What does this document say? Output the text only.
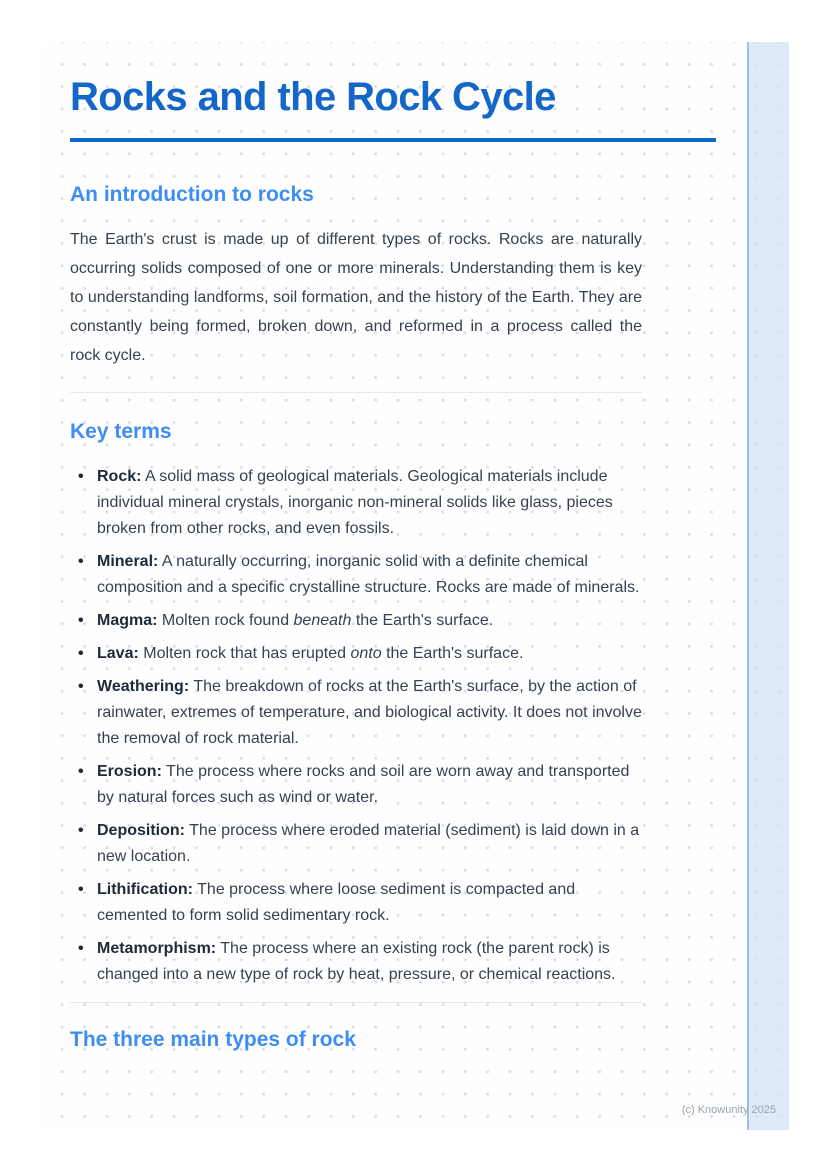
Rocks and the Rock Cycle
An introduction to rocks

The Earth's crust is made up of different types of rocks. Rocks are naturally occurring solids composed of one or more minerals. Understanding them is key to understanding landforms, soil formation, and the history of the Earth. They are constantly being formed, broken down, and reformed in a process called the rock cycle.

Key terms
• Rock: A solid mass of geological materials. Geological materials include individual mineral crystals, inorganic non-mineral solids like glass, pieces broken from other rocks, and even fossils.
• Mineral: A naturally occurring, inorganic solid with a definite chemical composition and a specific crystalline structure. Rocks are made of minerals.
• Magma: Molten rock found beneath the Earth's surface.
• Lava: Molten rock that has erupted onto the Earth's surface.
• Weathering: The breakdown of rocks at the Earth's surface, by the action of rainwater, extremes of temperature, and biological activity. It does not involve the removal of rock material.
• Erosion: The process where rocks and soil are worn away and transported by natural forces such as wind or water.
• Deposition: The process where eroded material (sediment) is laid down in a new location.
• Lithification: The process where loose sediment is compacted and cemented to form solid sedimentary rock.
• Metamorphism: The process where an existing rock (the parent rock) is changed into a new type of rock by heat, pressure, or chemical reactions.
The three main types of rock
(c) Knowunity 2025
